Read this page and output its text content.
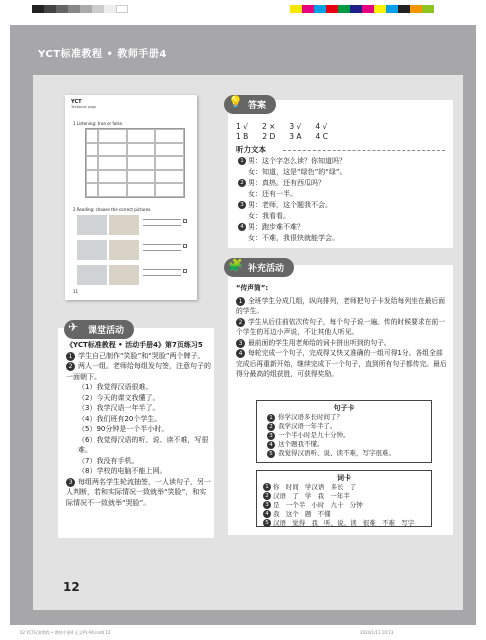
YCT标准教程 • 教师手册4
YCT
Textbook page
1 Listening: true or false.
2 Reading: choose the correct pictures.
11
1 √ 2 × 3 √ 4 √
1 B 2 D 3 A 4 C
听力文本
1 男：这个字怎么读？你知道吗？
女：知道，这是“绿色”的“绿”。
2 男：真热。还有西瓜吗？
女：还有一半。
3 男：老师，这个题我不会。
女：我看看。
4 男：跑步难不难？
女：不难，我很快就能学会。
💡 答案

“传声筒”:

1 全班学生分成几组，纵向排列，老师把句子卡发给每列坐在最后面的学生。

2 学生从后往前依次传句子，每个句子说一遍。传的时候要求在前一个学生的耳边小声说，不让其他人听见。

3 最前面的学生用老师给的词卡拼出听到的句子。

4 每轮完成一个句子，完成得又快又准确的一组可得1分。各组全部完成后再重新开始，继续完成下一个句子，直到所有句子都传完。最后得分最高的组获胜，可获得奖励。

🧩 补充活动
句子卡
1 你学汉语多长时间了？
2 我学汉语一年半了。
3 一个半小时是九十分钟。
4 这个题我不懂。
5 我觉得汉语听、说、读不难，写字很难。
词卡
1 你   时间   学汉语   多长   了
2 汉语   了   学   我   一年半
3 是   一个半   小时   九十   分钟
4 我   这个   题   不懂
5 汉语   觉得   我   听、说、读   很难   不难   写字

《YCT标准教程 • 活动手册4》第7页练习5

1 学生自己制作“笑脸”和“哭脸”两个牌子。

2 两人一组。老师给每组发句签，注意句子的一面朝下。

（1）我觉得汉语很难。

（2）今天的课文我懂了。

（3）我学汉语一年半了。

（4）我们班有20个学生。

（5）90分钟是一个半小时。

（6）我觉得汉语的听、说、读不难，写很难。

（7）我没有手机。

（8）学校的电脑不能上网。

3 每组两名学生轮流抽签，一人读句子，另一人判断，若和实际情况一致就举“笑脸”，和实际情况不一致就举“哭脸”。

✈ 课堂活动
12
02 YCT标准教程 • 教师手册4 正文P1-90.indd 12	2024/1/11 10:13
